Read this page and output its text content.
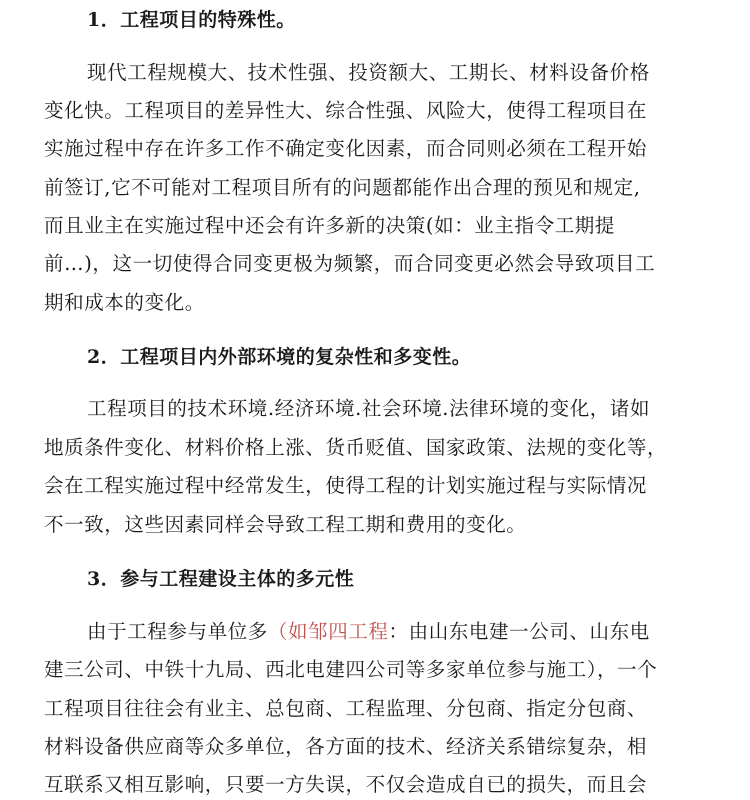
1．工程项目的特殊性。
现代工程规模大、技术性强、投资额大、工期长、材料设备价格
变化快。工程项目的差异性大、综合性强、风险大，使得工程项目在
实施过程中存在许多工作不确定变化因素，而合同则必须在工程开始
前签订,它不可能对工程项目所有的问题都能作出合理的预见和规定,
而且业主在实施过程中还会有许多新的决策(如：业主指令工期提
前…)，这一切使得合同变更极为频繁，而合同变更必然会导致项目工
期和成本的变化。
2．工程项目内外部环境的复杂性和多变性。
工程项目的技术环境.经济环境.社会环境.法律环境的变化，诸如
地质条件变化、材料价格上涨、货币贬值、国家政策、法规的变化等，
会在工程实施过程中经常发生，使得工程的计划实施过程与实际情况
不一致，这些因素同样会导致工程工期和费用的变化。
3．参与工程建设主体的多元性
由于工程参与单位多（如邹四工程：由山东电建一公司、山东电
建三公司、中铁十九局、西北电建四公司等多家单位参与施工），一个
工程项目往往会有业主、总包商、工程监理、分包商、指定分包商、
材料设备供应商等众多单位，各方面的技术、经济关系错综复杂，相
互联系又相互影响，只要一方失误，不仅会造成自已的损失，而且会
